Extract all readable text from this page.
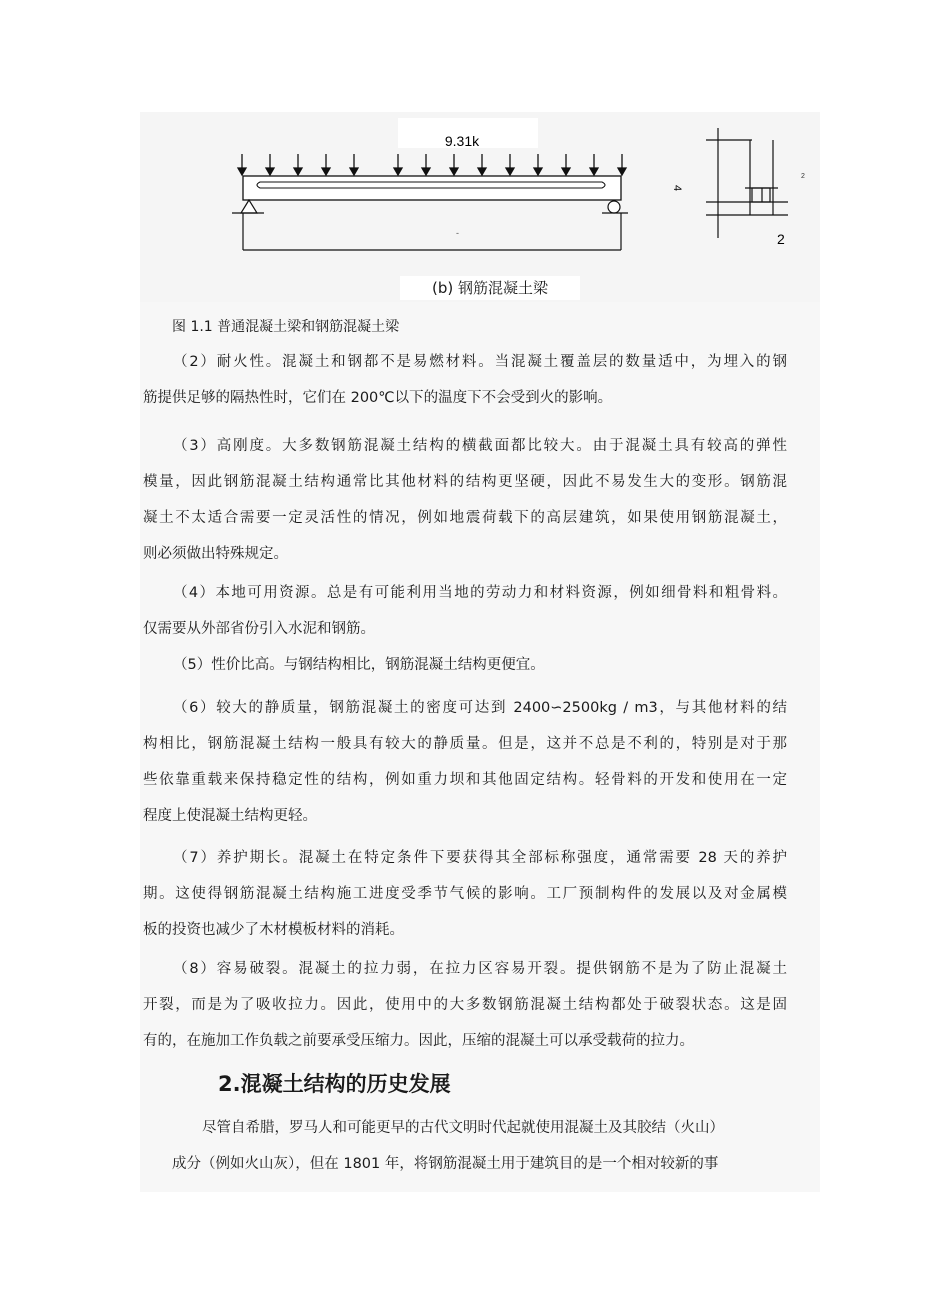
9.31k
-
4
2
2
(b) 钢筋混凝土梁
图 1.1 普通混凝土梁和钢筋混凝土梁
（2）耐火性。混凝土和钢都不是易燃材料。当混凝土覆盖层的数量适中，为埋入的钢
筋提供足够的隔热性时，它们在 200℃以下的温度下不会受到火的影响。
（3）高刚度。大多数钢筋混凝土结构的横截面都比较大。由于混凝土具有较高的弹性
模量，因此钢筋混凝土结构通常比其他材料的结构更坚硬，因此不易发生大的变形。钢筋混
凝土不太适合需要一定灵活性的情况，例如地震荷载下的高层建筑，如果使用钢筋混凝土，
则必须做出特殊规定。
（4）本地可用资源。总是有可能利用当地的劳动力和材料资源，例如细骨料和粗骨料。
仅需要从外部省份引入水泥和钢筋。
（5）性价比高。与钢结构相比，钢筋混凝土结构更便宜。
（6）较大的静质量，钢筋混凝土的密度可达到 2400∽2500kg / m3，与其他材料的结
构相比，钢筋混凝土结构一般具有较大的静质量。但是，这并不总是不利的，特别是对于那
些依靠重载来保持稳定性的结构，例如重力坝和其他固定结构。轻骨料的开发和使用在一定
程度上使混凝土结构更轻。
（7）养护期长。混凝土在特定条件下要获得其全部标称强度，通常需要 28 天的养护
期。这使得钢筋混凝土结构施工进度受季节气候的影响。工厂预制构件的发展以及对金属模
板的投资也减少了木材模板材料的消耗。
（8）容易破裂。混凝土的拉力弱，在拉力区容易开裂。提供钢筋不是为了防止混凝土
开裂，而是为了吸收拉力。因此，使用中的大多数钢筋混凝土结构都处于破裂状态。这是固
有的，在施加工作负载之前要承受压缩力。因此，压缩的混凝土可以承受载荷的拉力。
2.混凝土结构的历史发展
尽管自希腊，罗马人和可能更早的古代文明时代起就使用混凝土及其胶结（火山）
成分（例如火山灰），但在 1801 年，将钢筋混凝土用于建筑目的是一个相对较新的事
